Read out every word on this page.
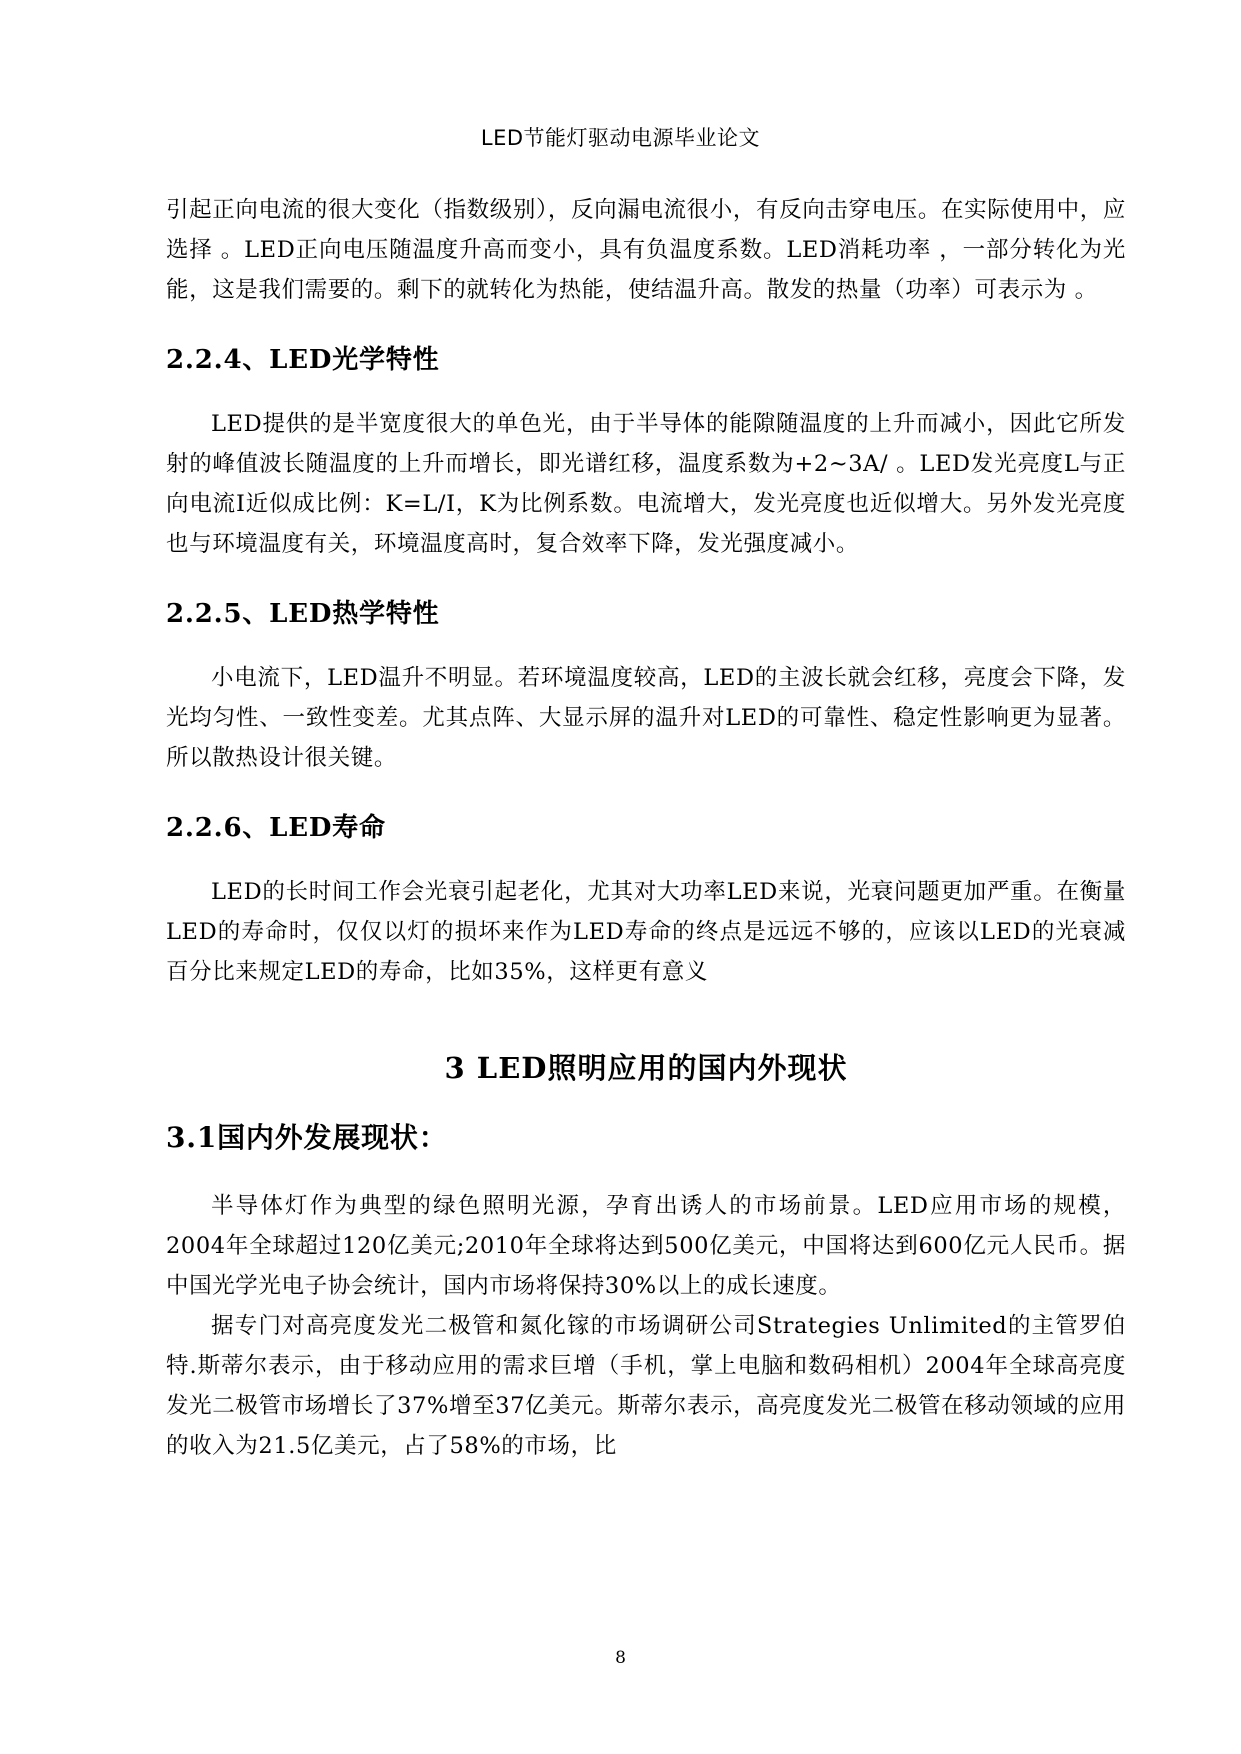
LED节能灯驱动电源毕业论文

引起正向电流的很大变化（指数级别），反向漏电流很小，有反向击穿电压。在实际使用中，应选择 。LED正向电压随温度升高而变小，具有负温度系数。LED消耗功率 ，一部分转化为光能，这是我们需要的。剩下的就转化为热能，使结温升高。散发的热量（功率）可表示为 。

2.2.4、LED光学特性

LED提供的是半宽度很大的单色光，由于半导体的能隙随温度的上升而减小，因此它所发射的峰值波长随温度的上升而增长，即光谱红移，温度系数为+2~3A/ 。LED发光亮度L与正向电流I近似成比例：K=L/I，K为比例系数。电流增大，发光亮度也近似增大。另外发光亮度也与环境温度有关，环境温度高时，复合效率下降，发光强度减小。

2.2.5、LED热学特性

小电流下，LED温升不明显。若环境温度较高，LED的主波长就会红移，亮度会下降，发光均匀性、一致性变差。尤其点阵、大显示屏的温升对LED的可靠性、稳定性影响更为显著。所以散热设计很关键。

2.2.6、LED寿命

LED的长时间工作会光衰引起老化，尤其对大功率LED来说，光衰问题更加严重。在衡量LED的寿命时，仅仅以灯的损坏来作为LED寿命的终点是远远不够的，应该以LED的光衰减百分比来规定LED的寿命，比如35%，这样更有意义

3 LED照明应用的国内外现状
3.1国内外发展现状：

半导体灯作为典型的绿色照明光源，孕育出诱人的市场前景。LED应用市场的规模，2004年全球超过120亿美元;2010年全球将达到500亿美元，中国将达到600亿元人民币。据中国光学光电子协会统计，国内市场将保持30%以上的成长速度。

据专门对高亮度发光二极管和氮化镓的市场调研公司Strategies Unlimited的主管罗伯特.斯蒂尔表示，由于移动应用的需求巨增（手机，掌上电脑和数码相机）2004年全球高亮度发光二极管市场增长了37%增至37亿美元。斯蒂尔表示，高亮度发光二极管在移动领域的应用的收入为21.5亿美元，占了58%的市场，比

8
